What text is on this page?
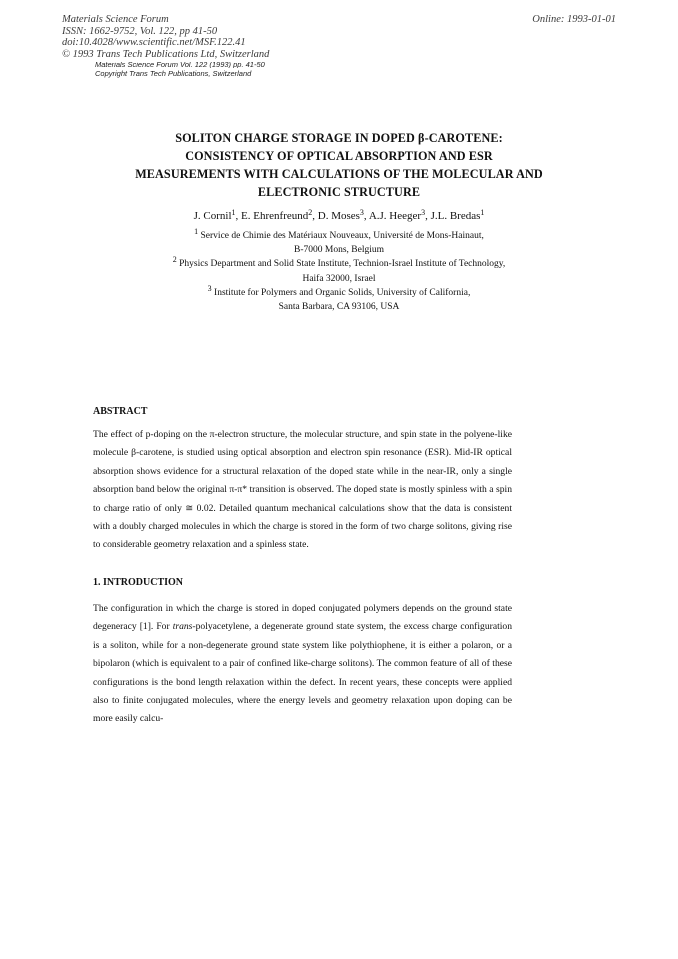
Materials Science Forum
ISSN: 1662-9752, Vol. 122, pp 41-50
doi:10.4028/www.scientific.net/MSF.122.41
© 1993 Trans Tech Publications Ltd, Switzerland
Online: 1993-01-01
Materials Science Forum Vol. 122 (1993) pp. 41-50
Copyright Trans Tech Publications, Switzerland
SOLITON CHARGE STORAGE IN DOPED β-CAROTENE:
CONSISTENCY OF OPTICAL ABSORPTION AND ESR
MEASUREMENTS WITH CALCULATIONS OF THE MOLECULAR AND
ELECTRONIC STRUCTURE
J. Cornil$^1$, E. Ehrenfreund$^2$, D. Moses$^3$, A.J. Heeger$^3$, J.L. Bredas$^1$
$^1$ Service de Chimie des Matériaux Nouveaux, Université de Mons-Hainaut,
B-7000 Mons, Belgium
$^2$ Physics Department and Solid State Institute, Technion-Israel Institute of Technology,
Haifa 32000, Israel
$^3$ Institute for Polymers and Organic Solids, University of California,
Santa Barbara, CA 93106, USA
ABSTRACT

The effect of p-doping on the π-electron structure, the molecular structure, and spin state in the polyene-like molecule β-carotene, is studied using optical absorption and electron spin resonance (ESR). Mid-IR optical absorption shows evidence for a structural relaxation of the doped state while in the near-IR, only a single absorption band below the original π-π* transition is observed. The doped state is mostly spinless with a spin to charge ratio of only ≅ 0.02. Detailed quantum mechanical calculations show that the data is consistent with a doubly charged molecules in which the charge is stored in the form of two charge solitons, giving rise to considerable geometry relaxation and a spinless state.

1. INTRODUCTION

The configuration in which the charge is stored in doped conjugated polymers depends on the ground state degeneracy [1]. For trans-polyacetylene, a degenerate ground state system, the excess charge configuration is a soliton, while for a non-degenerate ground state system like polythiophene, it is either a polaron, or a bipolaron (which is equivalent to a pair of confined like-charge solitons). The common feature of all of these configurations is the bond length relaxation within the defect. In recent years, these concepts were applied also to finite conjugated molecules, where the energy levels and geometry relaxation upon doping can be more easily calcu-
